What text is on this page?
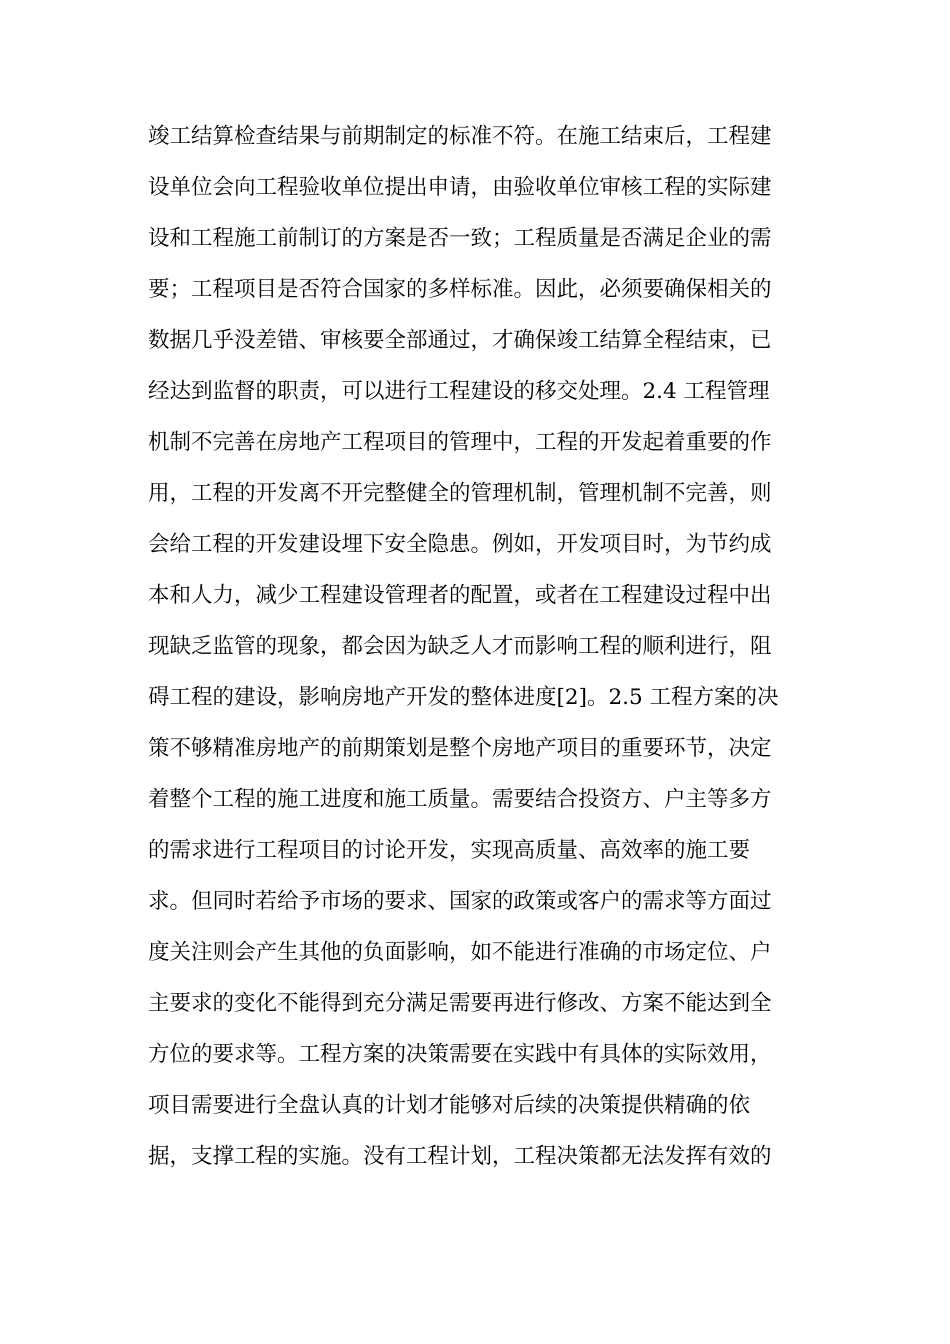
竣工结算检查结果与前期制定的标准不符。在施工结束后，工程建
设单位会向工程验收单位提出申请，由验收单位审核工程的实际建
设和工程施工前制订的方案是否一致；工程质量是否满足企业的需
要；工程项目是否符合国家的多样标准。因此，必须要确保相关的
数据几乎没差错、审核要全部通过，才确保竣工结算全程结束，已
经达到监督的职责，可以进行工程建设的移交处理。2.4 工程管理
机制不完善在房地产工程项目的管理中，工程的开发起着重要的作
用，工程的开发离不开完整健全的管理机制，管理机制不完善，则
会给工程的开发建设埋下安全隐患。例如，开发项目时，为节约成
本和人力，减少工程建设管理者的配置，或者在工程建设过程中出
现缺乏监管的现象，都会因为缺乏人才而影响工程的顺利进行，阻
碍工程的建设，影响房地产开发的整体进度[2]。2.5 工程方案的决
策不够精准房地产的前期策划是整个房地产项目的重要环节，决定
着整个工程的施工进度和施工质量。需要结合投资方、户主等多方
的需求进行工程项目的讨论开发，实现高质量、高效率的施工要
求。但同时若给予市场的要求、国家的政策或客户的需求等方面过
度关注则会产生其他的负面影响，如不能进行准确的市场定位、户
主要求的变化不能得到充分满足需要再进行修改、方案不能达到全
方位的要求等。工程方案的决策需要在实践中有具体的实际效用，
项目需要进行全盘认真的计划才能够对后续的决策提供精确的依
据，支撑工程的实施。没有工程计划，工程决策都无法发挥有效的
